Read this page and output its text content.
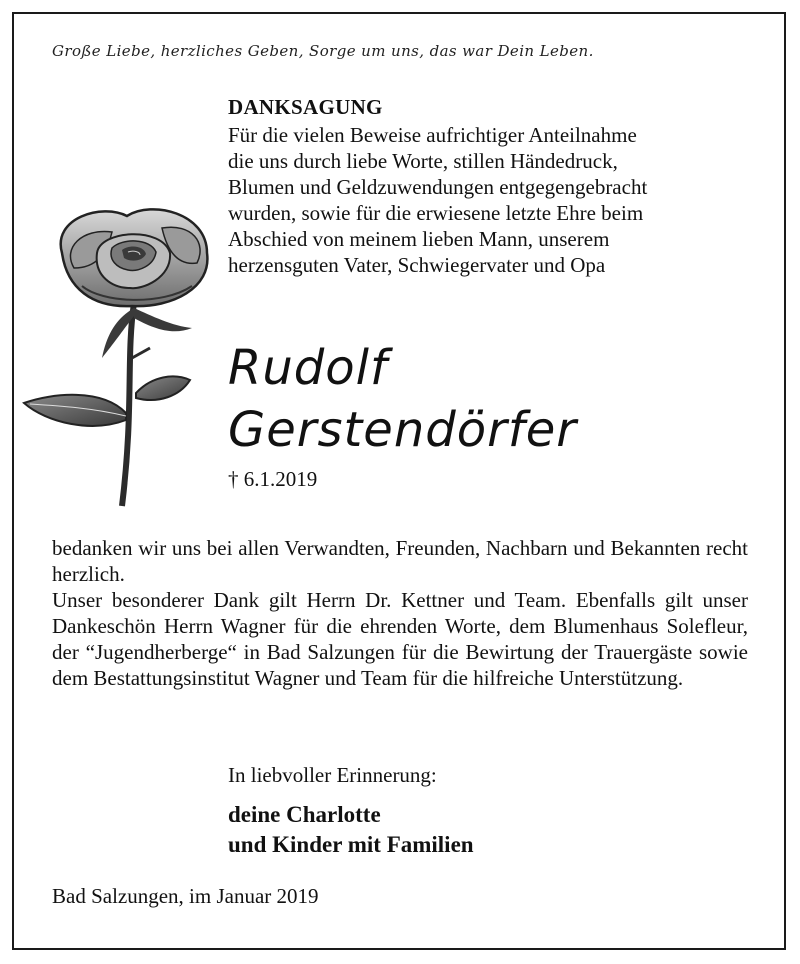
Große Liebe, herzliches Geben, Sorge um uns, das war Dein Leben.
DANKSAGUNG
Für die vielen Beweise aufrichtiger Anteilnahme
die uns durch liebe Worte, stillen Händedruck,
Blumen und Geldzuwendungen entgegengebracht
wurden, sowie für die erwiesene letzte Ehre beim
Abschied von meinem lieben Mann, unserem
herzensguten Vater, Schwiegervater und Opa
Rudolf
Gerstendörfer
† 6.1.2019

bedanken wir uns bei allen Verwandten, Freunden, Nachbarn und Bekannten recht herzlich.

Unser besonderer Dank gilt Herrn Dr. Kettner und Team. Ebenfalls gilt unser Dankeschön Herrn Wagner für die ehrenden Worte, dem Blumenhaus Solefleur, der “Jugendherberge“ in Bad Salzungen für die Bewirtung der Trauergäste sowie dem Bestattungsinstitut Wagner und Team für die hilfreiche Unterstützung.

In liebvoller Erinnerung:
deine Charlotte
und Kinder mit Familien
Bad Salzungen, im Januar 2019
